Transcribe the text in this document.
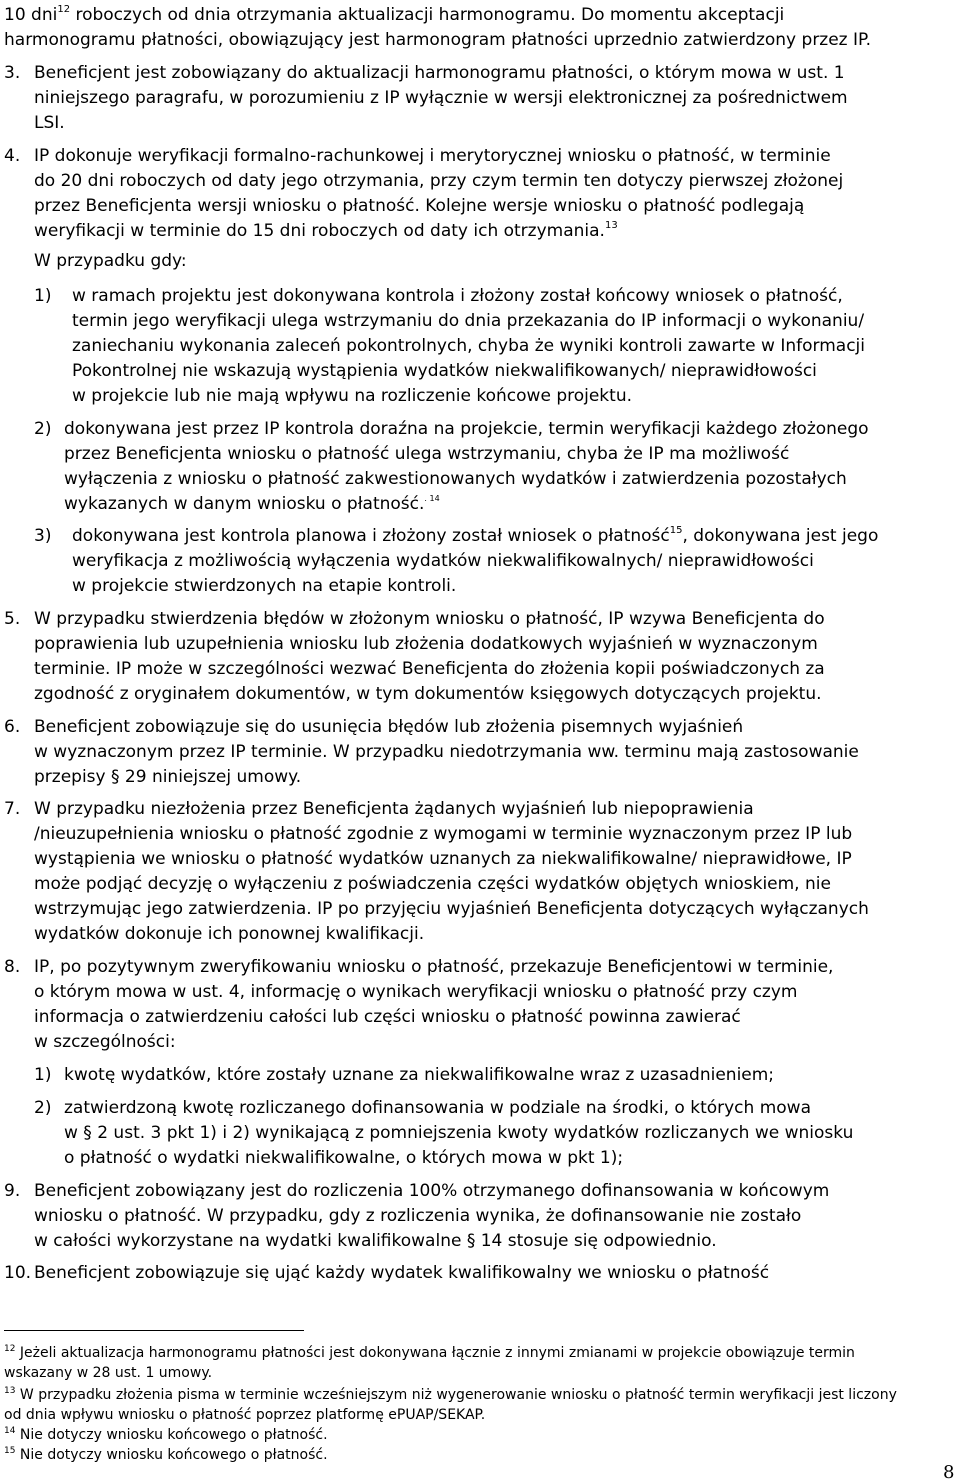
10 dni$^{12}$ roboczych od dnia otrzymania aktualizacji harmonogramu. Do momentu akceptacji
harmonogramu płatności, obowiązujący jest harmonogram płatności uprzednio zatwierdzony przez IP.
3. Beneficjent jest zobowiązany do aktualizacji harmonogramu płatności, o którym mowa w ust. 1
niniejszego paragrafu, w porozumieniu z IP wyłącznie w wersji elektronicznej za pośrednictwem
LSI.
4. IP dokonuje weryfikacji formalno-rachunkowej i merytorycznej wniosku o płatność, w terminie
do 20 dni roboczych od daty jego otrzymania, przy czym termin ten dotyczy pierwszej złożonej
przez Beneficjenta wersji wniosku o płatność. Kolejne wersje wniosku o płatność podlegają
weryfikacji w terminie do 15 dni roboczych od daty ich otrzymania.$^{13}$
W przypadku gdy:
1) w ramach projektu jest dokonywana kontrola i złożony został końcowy wniosek o płatność,
termin jego weryfikacji ulega wstrzymaniu do dnia przekazania do IP informacji o wykonaniu/
zaniechaniu wykonania zaleceń pokontrolnych, chyba że wyniki kontroli zawarte w Informacji
Pokontrolnej nie wskazują wystąpienia wydatków niekwalifikowanych/ nieprawidłowości
w projekcie lub nie mają wpływu na rozliczenie końcowe projektu.
2) dokonywana jest przez IP kontrola doraźna na projekcie, termin weryfikacji każdego złożonego
przez Beneficjenta wniosku o płatność ulega wstrzymaniu, chyba że IP ma możliwość
wyłączenia z wniosku o płatność zakwestionowanych wydatków i zatwierdzenia pozostałych
wykazanych w danym wniosku o płatność.$^{. 14}$
3) dokonywana jest kontrola planowa i złożony został wniosek o płatność$^{15}$, dokonywana jest jego
weryfikacja z możliwością wyłączenia wydatków niekwalifikowalnych/ nieprawidłowości
w projekcie stwierdzonych na etapie kontroli.
5. W przypadku stwierdzenia błędów w złożonym wniosku o płatność, IP wzywa Beneficjenta do
poprawienia lub uzupełnienia wniosku lub złożenia dodatkowych wyjaśnień w wyznaczonym
terminie. IP może w szczególności wezwać Beneficjenta do złożenia kopii poświadczonych za
zgodność z oryginałem dokumentów, w tym dokumentów księgowych dotyczących projektu.
6. Beneficjent zobowiązuje się do usunięcia błędów lub złożenia pisemnych wyjaśnień
w wyznaczonym przez IP terminie. W przypadku niedotrzymania ww. terminu mają zastosowanie
przepisy § 29 niniejszej umowy.
7. W przypadku niezłożenia przez Beneficjenta żądanych wyjaśnień lub niepoprawienia
/nieuzupełnienia wniosku o płatność zgodnie z wymogami w terminie wyznaczonym przez IP lub
wystąpienia we wniosku o płatność wydatków uznanych za niekwalifikowalne/ nieprawidłowe, IP
może podjąć decyzję o wyłączeniu z poświadczenia części wydatków objętych wnioskiem, nie
wstrzymując jego zatwierdzenia. IP po przyjęciu wyjaśnień Beneficjenta dotyczących wyłączanych
wydatków dokonuje ich ponownej kwalifikacji.
8. IP, po pozytywnym zweryfikowaniu wniosku o płatność, przekazuje Beneficjentowi w terminie,
o którym mowa w ust. 4, informację o wynikach weryfikacji wniosku o płatność przy czym
informacja o zatwierdzeniu całości lub części wniosku o płatność powinna zawierać
w szczególności:
1) kwotę wydatków, które zostały uznane za niekwalifikowalne wraz z uzasadnieniem;
2) zatwierdzoną kwotę rozliczanego dofinansowania w podziale na środki, o których mowa
w § 2 ust. 3 pkt 1) i 2) wynikającą z pomniejszenia kwoty wydatków rozliczanych we wniosku
o płatność o wydatki niekwalifikowalne, o których mowa w pkt 1);
9. Beneficjent zobowiązany jest do rozliczenia 100% otrzymanego dofinansowania w końcowym
wniosku o płatność. W przypadku, gdy z rozliczenia wynika, że dofinansowanie nie zostało
w całości wykorzystane na wydatki kwalifikowalne § 14 stosuje się odpowiednio.
10. Beneficjent zobowiązuje się ująć każdy wydatek kwalifikowalny we wniosku o płatność
$^{12}$ Jeżeli aktualizacja harmonogramu płatności jest dokonywana łącznie z innymi zmianami w projekcie obowiązuje termin
wskazany w 28 ust. 1 umowy.
$^{13}$ W przypadku złożenia pisma w terminie wcześniejszym niż wygenerowanie wniosku o płatność termin weryfikacji jest liczony
od dnia wpływu wniosku o płatność poprzez platformę ePUAP/SEKAP.
$^{14}$ Nie dotyczy wniosku końcowego o płatność.
$^{15}$ Nie dotyczy wniosku końcowego o płatność.
8
